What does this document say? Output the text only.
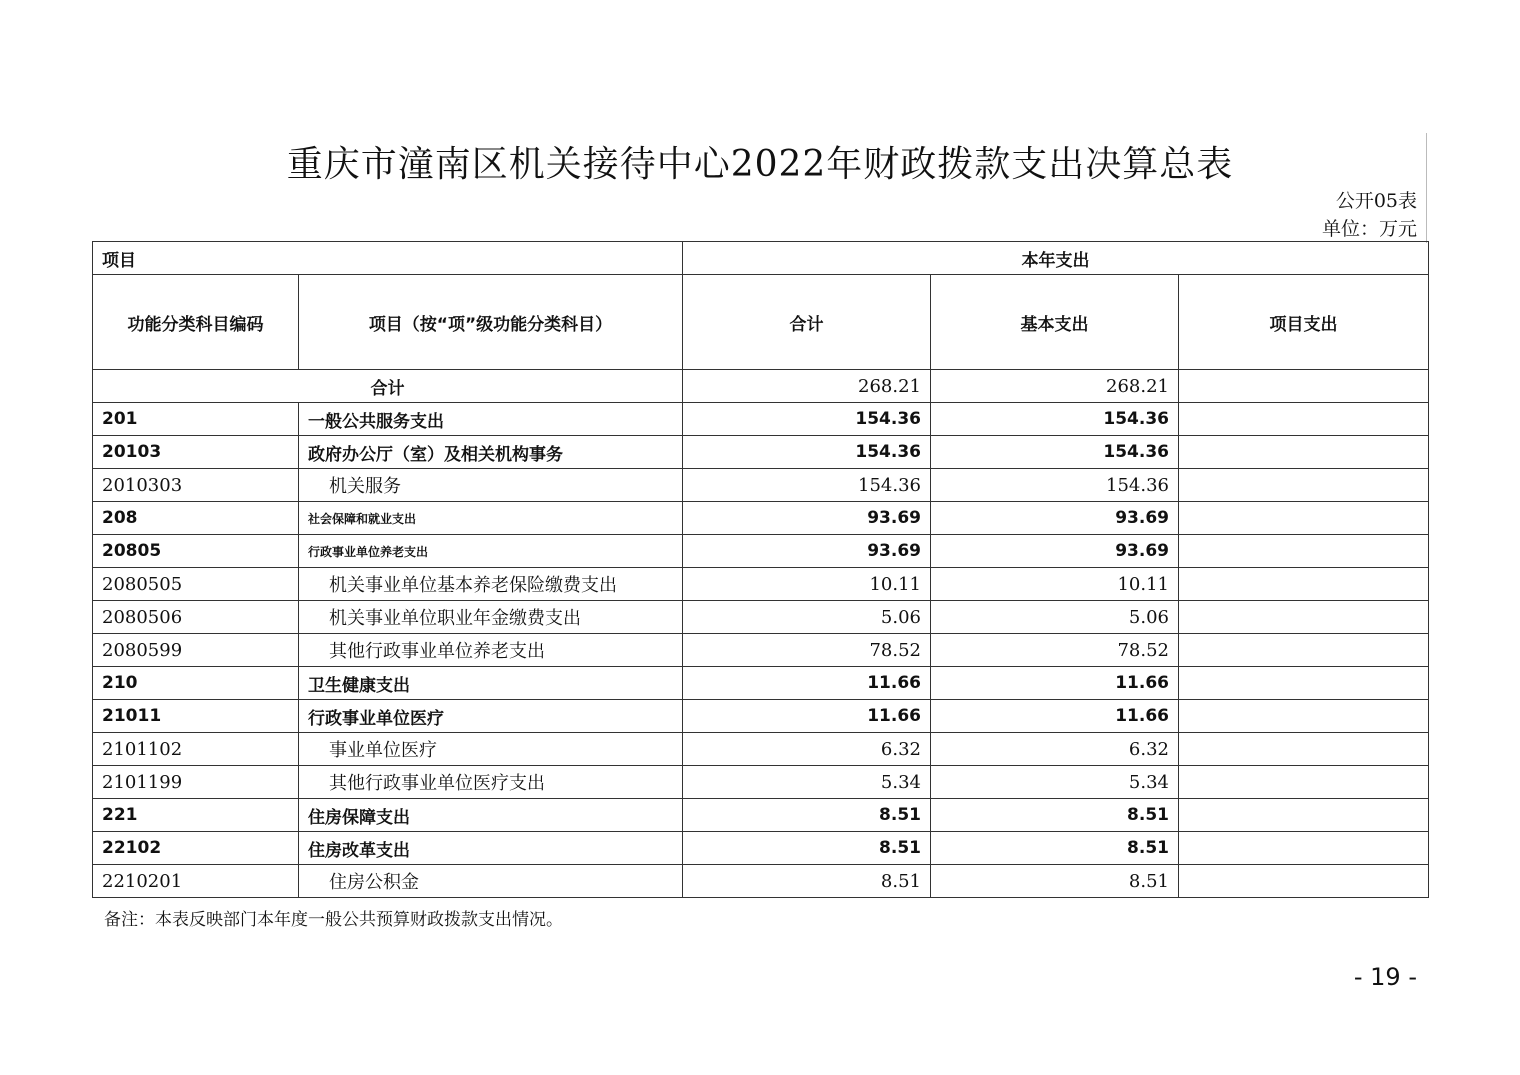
重庆市潼南区机关接待中心2022年财政拨款支出决算总表
公开05表
单位：万元
项目		本年支出		
功能分类科目编码	项目（按“项”级功能分类科目）	合计	基本支出	项目支出
合计		268.21	268.21	
201	一般公共服务支出	154.36	154.36	
20103	政府办公厅（室）及相关机构事务	154.36	154.36	
2010303	机关服务	154.36	154.36	
208	社会保障和就业支出	93.69	93.69	
20805	行政事业单位养老支出	93.69	93.69	
2080505	机关事业单位基本养老保险缴费支出	10.11	10.11	
2080506	机关事业单位职业年金缴费支出	5.06	5.06	
2080599	其他行政事业单位养老支出	78.52	78.52	
210	卫生健康支出	11.66	11.66	
21011	行政事业单位医疗	11.66	11.66	
2101102	事业单位医疗	6.32	6.32	
2101199	其他行政事业单位医疗支出	5.34	5.34	
221	住房保障支出	8.51	8.51	
22102	住房改革支出	8.51	8.51	
2210201	住房公积金	8.51	8.51	
备注：本表反映部门本年度一般公共预算财政拨款支出情况。
- 19 -
